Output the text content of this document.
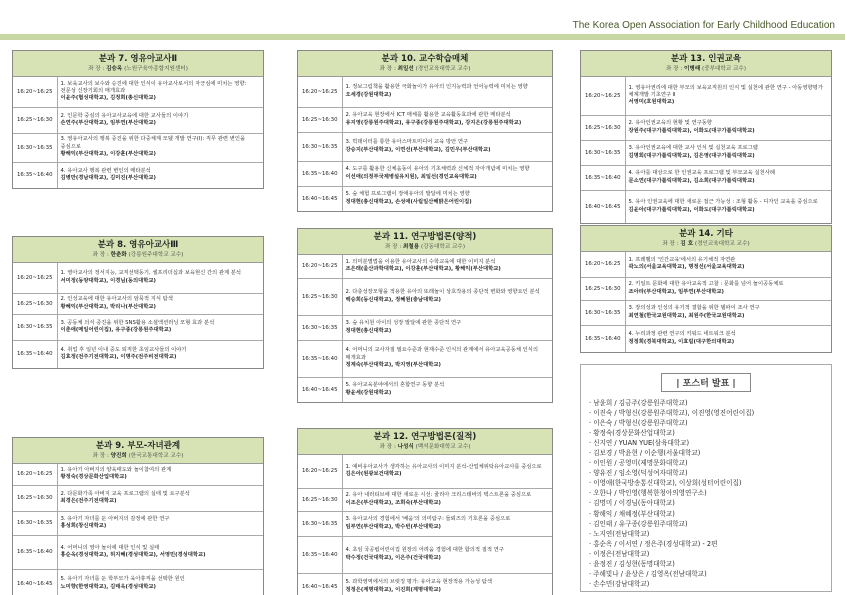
The Korea Open Association for Early Childhood Education
분과 7. 영유아교사Ⅱ
좌 장 : 김승옥 (노원구육아종합지원센터)
16:20~16:25	1. 보육교사의 보수와 승진에 대한 인식이 유아교사로서의 자긍심에 미치는 영향: 전문성 신장기회의 매개효과
이윤주(협성대학교), 김정희(총신대학교)

16:25~16:30	2. 인문학 중심의 유아교사교육에 대한 교사들의 이야기
손연주(부산대학교), 임부연(부산대학교)

16:30~16:35	3. 영유아교사의 행복 증진을 위한 다중체계 모델 개발 연구(Ⅰ): 직무 관련 변인을 중심으로
황해익(부산대학교), 이강훈(부산대학교)

16:35~16:40	4. 유아교사 행복 관련 변인의 메타분석
김병만(경남대학교), 김미진(부산대학교)
분과 8. 영유아교사Ⅲ
좌 장 : 한춘화 (강릉원주대학교 교수)
16:20~16:25	1. 영아교사의 정서지능, 교직선택동기, 셀프리더십과 보육현신 간의 관계 분석
서미정(동양대학교), 이경님(동의대학교)

16:25~16:30	2. 인성교육에 대한 유아교사의 암묵적 지식 탐색
황혜익(부산대학교), 박리나(부산대학교)

16:30~16:35	3. 공동체 의식 증진을 위한 SNS활용 소셜액션러닝 모형 효과 분석
이춘애(메일어린이집), 유구종(강릉원주대학교)

16:35~16:40	4. 취업 후 일년 이내 중도 퇴직한 초임교사들의 이야기
김효정(전주기전대학교), 이명주(전주비전대학교)
분과 9. 부모-자녀관계
좌 장 : 양진희 (한국교통대학교 교수)
16:20~16:25	1. 유아기 아버지의 양육태도와 놀이참여의 관계
황정숙(경상문화산업대학교)

16:25~16:30	2. 다문화가족 아버지 교육 프로그램의 실태 및 요구분석
최경은(전주기전대학교)

16:30~16:35	3. 유아기 자녀를 둔 아버지의 감정에 관한 연구
홍성희(창신대학교)

16:35~16:40	4. 어머니의 영아 놀이에 대한 인식 및 실태
홍순옥(경성대학교), 허지혜(경성대학교), 서영민(경성대학교)

16:40~16:45	5. 유아기 자녀를 둔 학부모가 육아휴직을 선택한 원인
노미향(한영대학교), 김태옥(경성대학교)
분과 10. 교수학습매체
좌 장 : 최일선 (경인교육대학교 교수)
16:20~16:25	1. 정보그림책을 활용한 극화놀이가 유아의 인지능력과 언어능력에 미치는 영향
오세경(강원대학교)

16:25~16:30	2. 유아교육 현장에서 ICT 매체를 활용한 교육활동효과에 관한 메타분석
유지영(강릉원주대학교), 유구종(강릉원주대학교), 강지은(강릉원주대학교)

16:30~16:35	3. 빅데이터를 통한 유아스마트미디어 교육 방안 연구
강승지(부산대학교), 이연선(부산대학교), 김민우(부산대학교)

16:35~16:40	4. 도구를 활용한 신체움동이 유아의 기초체력과 신체적 자아개념에 미치는 영향
이선애(의정부국제병설유치원), 최일선(경인교육대학교)

16:40~16:45	5. 숲 체험 프로그램이 장애유아의 발달에 미치는 영향
정대현(총신대학교), 손성애(사립일산해맑은어린이집)
분과 11. 연구방법론(양적)
좌 장 : 최철용 (강동대학교 교수)
16:20~16:25	1. 의미분별법을 이용한 유아교사의 수학교육에 대한 이미지 분석
조은래(울산과학대학교), 이강훈(부산대학교), 황해익(부산대학교)

16:25~16:30	2. 다층성장모형을 적용한 유아의 또래놀이 상호작용의 종단적 변화와 영향요인 분석
백승희(동신대학교), 정혜원(충남대학교)

16:30~16:35	3. 숲 유치원 아이의 성장 발달에 관한 종단적 연구
정대현(총신대학교)

16:35~16:40	4. 어머니의 교사자질 필요수준과 현재수준 인식의 관계에서 유아교육공동체 인식의 매개효과
정계숙(부산대학교), 박지영(부산대학교)

16:40~16:45	5. 유아교육분야에서의 혼합연구 동향 분석
황윤세(강원대학교)
분과 12. 연구방법론(질적)
좌 장 : 나성식 (백석문화대학교 교수)
16:20~16:25	1. 예비유아교사가 생각하는 유아교사의 이미지 분석-산업체위탁유아교사를 중심으로
김은아(원광보건대학교)

16:25~16:30	2. 유아 내러티브에 대한 새로운 시선: 줄리아 크리스테바의 텍스트론을 중심으로
이조은(부산대학교), 조희숙(부산대학교)

16:30~16:35	3. 유아교사의 경험에서 '배움'의 의미탐구: 들뢰즈의 기호론을 중심으로
임부연(부산대학교), 박수빈(부산대학교)

16:35~16:40	4. 초임 국공립어린이집 원장의 어려움 경험에 대한 합의적 질적 연구
박수정(건국대학교), 이은주(건국대학교)

16:40~16:45	5. 과학영역에서의 브릿징 평가: 유아교육 현장적용 가능성 탐색
정정은(계명대학교), 이진희(계명대학교)
분과 13. 인권교육
좌 장 : 이병래 (중부대학교 교수)
16:20~16:25	1. 영유아권리에 대한 부모의 보육교직원의 인식 및 실천에 관한 연구 - 아동영향평가 체계개발 기초연구 Ⅱ
서영미(호원대학교)

16:25~16:30	2. 유아인권교육의 현황 및 연구동향
장원주(대구가톨릭대학교), 이화도(대구가톨릭대학교)

16:30~16:35	3. 유아인권교육에 대한 교사 인식 및 실천교육 프로그램
김명회(대구가톨릭대학교), 김은영(대구가톨릭대학교)

16:35~16:40	4. 유아를 대상으로 한 인권교육 프로그램 및 부모교육 실천사례
문소연(대구가톨릭대학교), 김소희(대구가톨릭대학교)

16:40~16:45	5. 유아 인권교육에 대한 새로운 접근 가능성 : 조형 활동 - 디자인 교육을 중심으로
김윤아(대구가톨릭대학교), 이화도(대구가톨릭대학교)
분과 14. 기타
좌 장 : 김 호 (경인교육대학교 교수)
16:20~16:25	1. 프레벨의 '인간교육'에서의 유기체적 자연관
곽노의(서울교육대학교), 명정선(서울교육대학교)

16:25~16:30	2. 키일트 문화에 대한 유아교육적 고찰 : 문화를 넘어 놀이공동체로
조아라(부산대학교), 임부연(부산대학교)

16:30~16:35	3. 장의성과 인성의 유기적 결합을 위한 델파이 조사 연구
최연철(한국교원대학교), 최원주(한국교원대학교)

16:35~16:40	4. 누리과정 관련 연구의 키워드 네트워크 분석
정정희(경북대학교), 이효림(대구한의대학교)
| 포스터 발표 |
· 남윤희 / 김금주(강릉원주대학교)
· 이진숙 / 박형신(강릉원주대학교), 이진영(영진어린이집)
· 이은숙 / 박형신(강릉원주대학교)
· 황정숙(경상문화산업대학교)
· 신지연 / YUAN YUE(삼육대학교)
· 김보경 / 박윤현 / 이순행(서울대학교)
· 이인원 / 공영미(제명문화대학교)
· 양유진 / 임소영(덕성여자대학교)
· 이영애(한국방송통신대학교), 이상희(성터어린이집)
· 오한나 / 박인영(행복한청아의영연구소)
· 김명미 / 이경님(동아대학교)
· 황해익 / 채혜정(부산대학교)
· 김인태 / 유구종(강릉원주대학교)
· 노지연(전남대학교)
· 홍순옥 / 이서연 / 정은주(경성대학교) - 2편
· 이정은(전남대학교)
· 윤정진 / 김성현(동명대학교)
· 주해빛나 / 윤상은 / 김영옥(전남대학교)
· 손수민(강남대학교)
